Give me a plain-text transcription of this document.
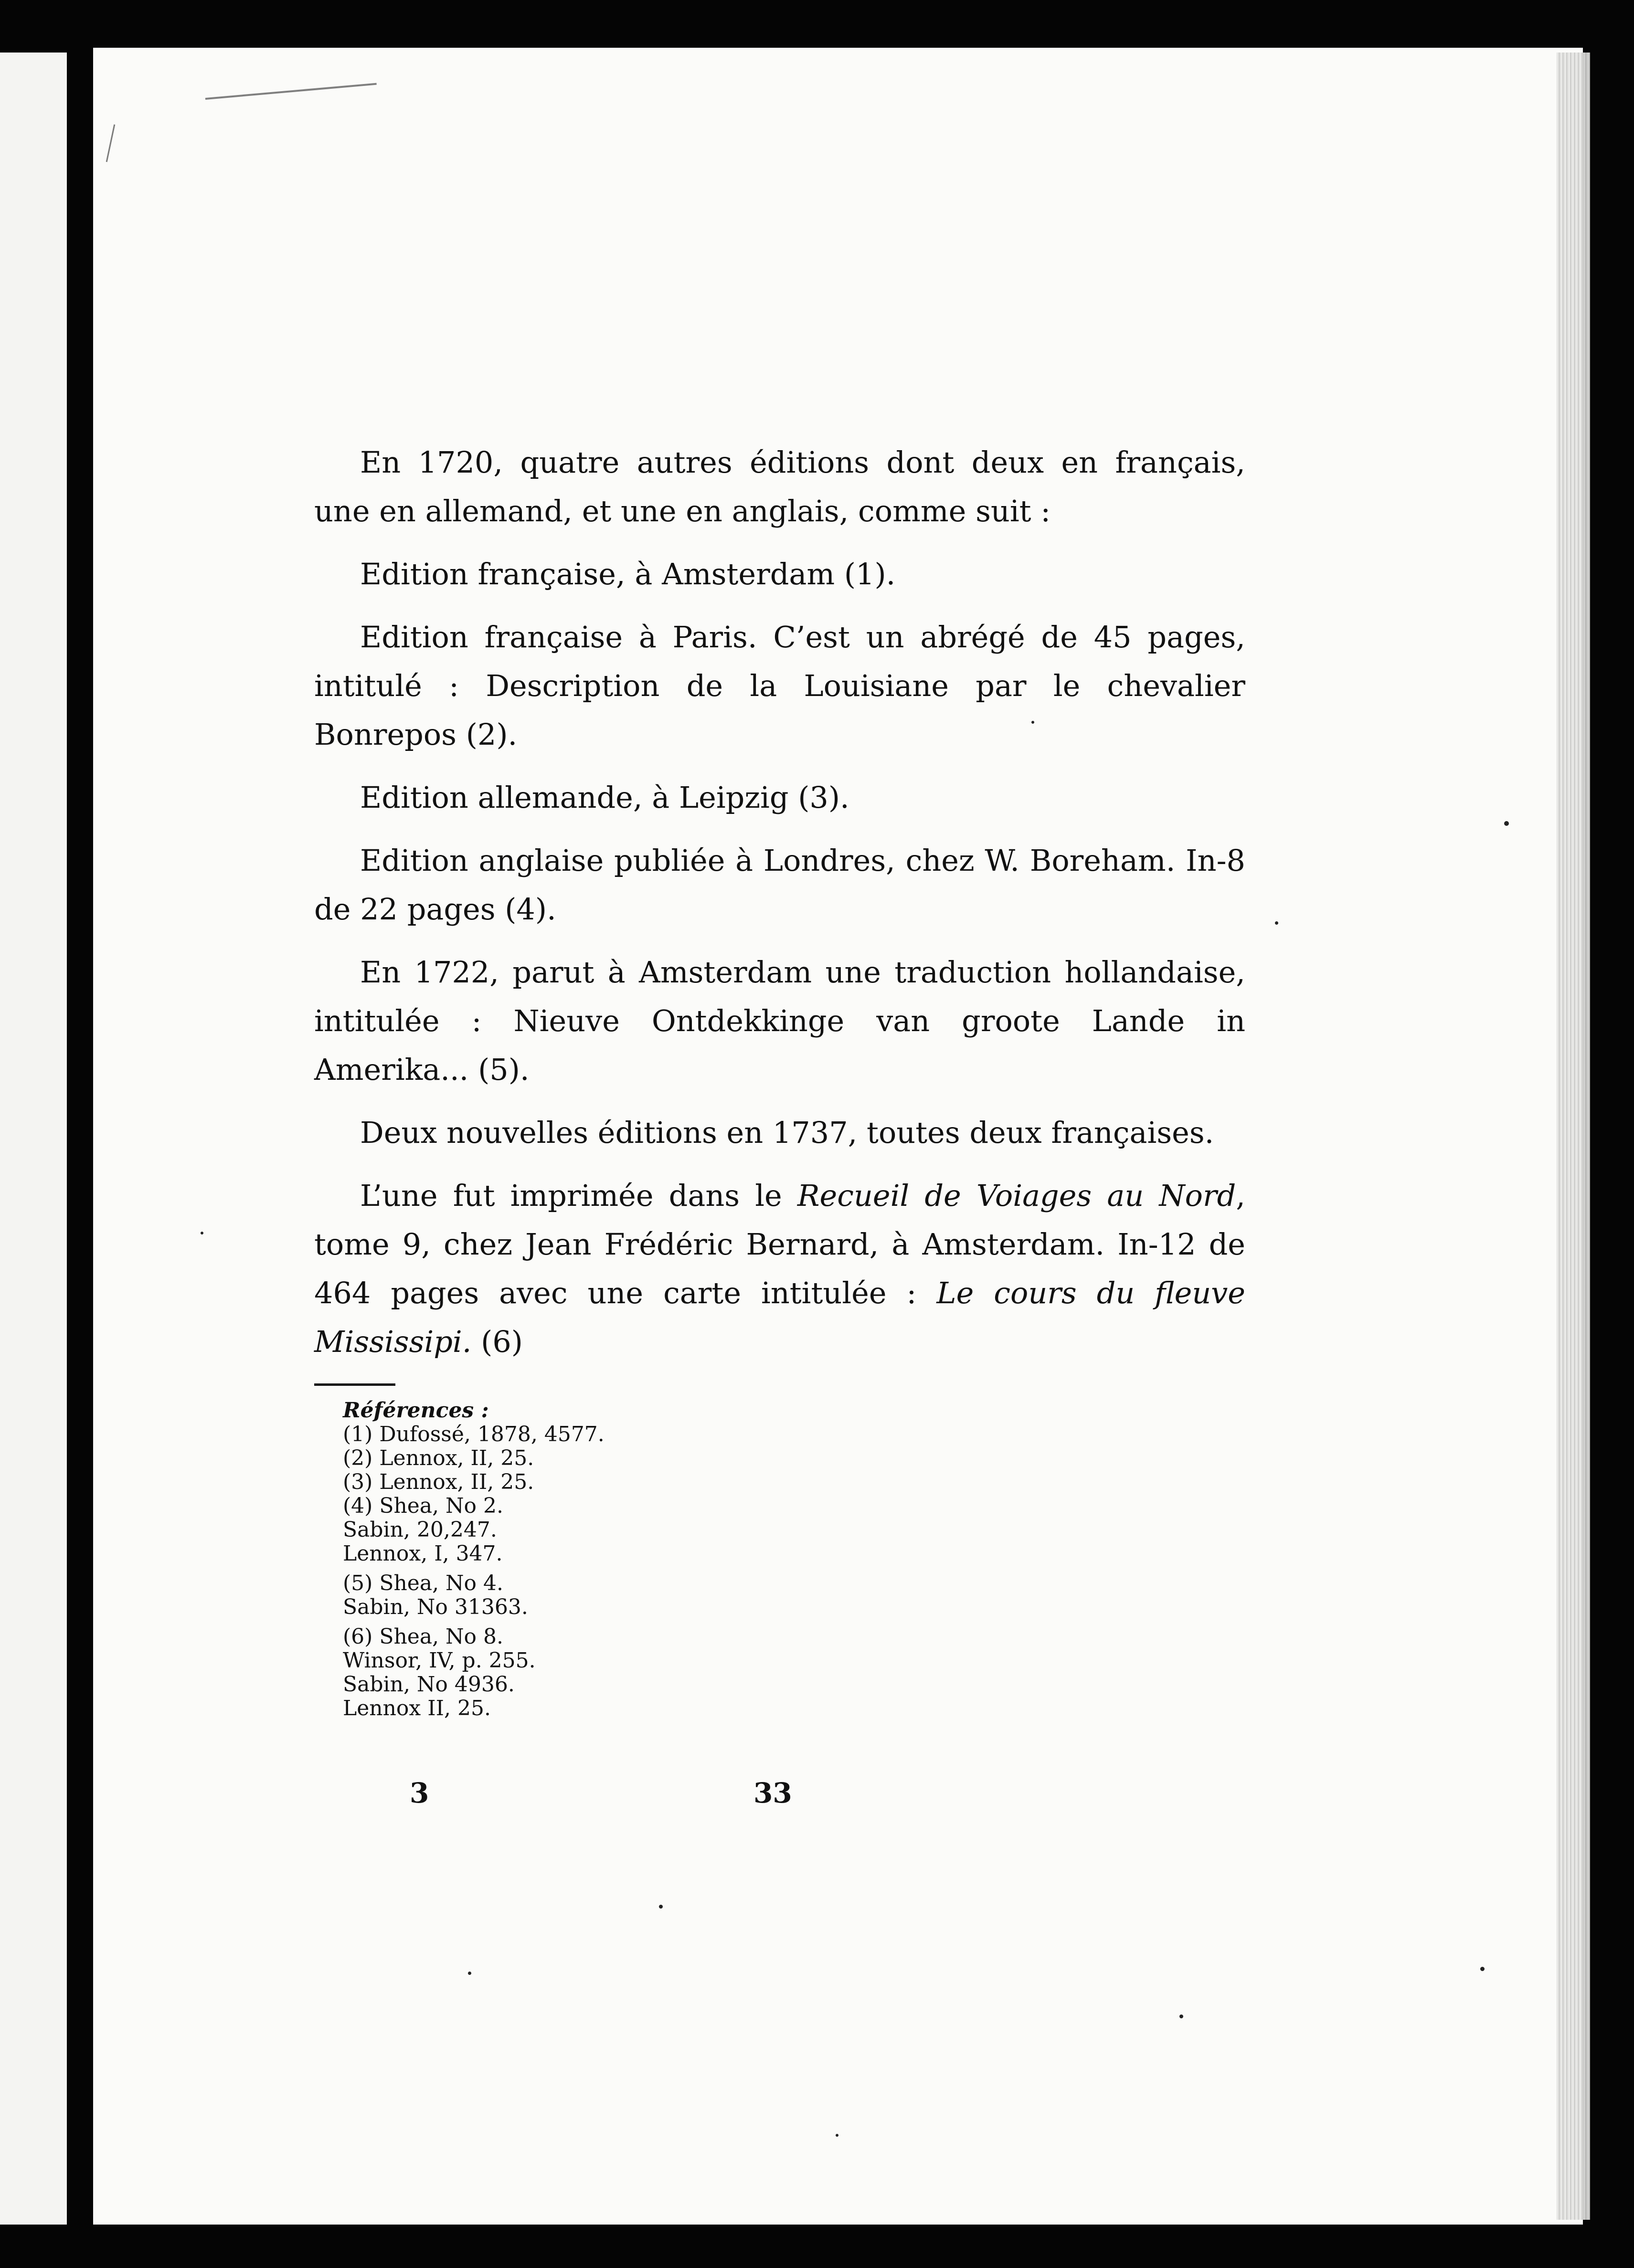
En 1720, quatre autres éditions dont deux en français, une en allemand, et une en anglais, comme suit :

Edition française, à Amsterdam (1).

Edition française à Paris. C’est un abrégé de 45 pages, intitulé : Description de la Louisiane par le chevalier Bonrepos (2).

Edition allemande, à Leipzig (3).

Edition anglaise publiée à Londres, chez W. Boreham. In-8 de 22 pages (4).

En 1722, parut à Amsterdam une traduction hollandaise, intitulée : Nieuve Ontdekkinge van groote Lande in Amerika... (5).

Deux nouvelles éditions en 1737, toutes deux françaises.

L’une fut imprimée dans le Recueil de Voiages au Nord, tome 9, chez Jean Frédéric Bernard, à Amsterdam. In-12 de 464 pages avec une carte intitulée : Le cours du fleuve Mississipi. (6)

Références :
(1) Dufossé, 1878, 4577.
(2) Lennox, II, 25.
(3) Lennox, II, 25.
(4) Shea, No 2.
Sabin, 20,247.
Lennox, I, 347.
(5) Shea, No 4.
Sabin, No 31363.
(6) Shea, No 8.
Winsor, IV, p. 255.
Sabin, No 4936.
Lennox II, 25.
3	33
